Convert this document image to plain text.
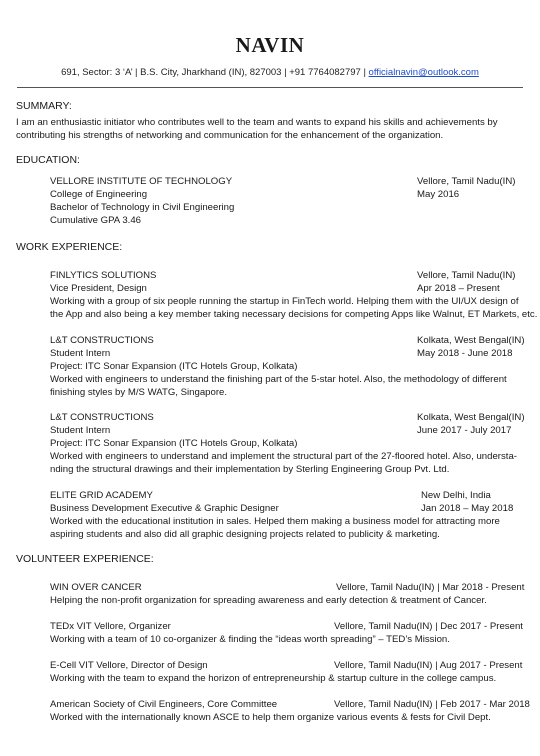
NAVIN
691, Sector: 3 ‘A’ | B.S. City, Jharkhand (IN), 827003 | +91 7764082797 | officialnavin@outlook.com
SUMMARY:
I am an enthusiastic initiator who contributes well to the team and wants to expand his skills and achievements by contributing his strengths of networking and communication for the enhancement of the organization.
EDUCATION:
VELLORE INSTITUTE OF TECHNOLOGY	Vellore, Tamil Nadu(IN)
College of Engineering	May 2016
Bachelor of Technology in Civil Engineering
Cumulative GPA 3.46
WORK EXPERIENCE:
FINLYTICS SOLUTIONS	Vellore, Tamil Nadu(IN)
Vice President, Design	Apr 2018 – Present
Working with a group of six people running the startup in FinTech world. Helping them with the UI/UX design of
the App and also being a key member taking necessary decisions for competing Apps like Walnut, ET Markets, etc.
L&T CONSTRUCTIONS	Kolkata, West Bengal(IN)
Student Intern	May 2018 - June 2018
Project: ITC Sonar Expansion (ITC Hotels Group, Kolkata)
Worked with engineers to understand the finishing part of the 5-star hotel. Also, the methodology of different
finishing styles by M/S WATG, Singapore.
L&T CONSTRUCTIONS	Kolkata, West Bengal(IN)
Student Intern	June 2017 - July 2017
Project: ITC Sonar Expansion (ITC Hotels Group, Kolkata)
Worked with engineers to understand and implement the structural part of the 27-floored hotel. Also, understa-
nding the structural drawings and their implementation by Sterling Engineering Group Pvt. Ltd.
ELITE GRID ACADEMY	New Delhi, India
Business Development Executive & Graphic Designer	Jan 2018 – May 2018
Worked with the educational institution in sales. Helped them making a business model for attracting more
aspiring students and also did all graphic designing projects related to publicity & marketing.
VOLUNTEER EXPERIENCE:
WIN OVER CANCER	Vellore, Tamil Nadu(IN) | Mar 2018 - Present
Helping the non-profit organization for spreading awareness and early detection & treatment of Cancer.
TEDx VIT Vellore, Organizer	Vellore, Tamil Nadu(IN) | Dec 2017 - Present
Working with a team of 10 co-organizer & finding the “ideas worth spreading” – TED’s Mission.
E-Cell VIT Vellore, Director of Design	Vellore, Tamil Nadu(IN) | Aug 2017 - Present
Working with the team to expand the horizon of entrepreneurship & startup culture in the college campus.
American Society of Civil Engineers, Core Committee	Vellore, Tamil Nadu(IN) | Feb 2017 - Mar 2018
Worked with the internationally known ASCE to help them organize various events & fests for Civil Dept.
